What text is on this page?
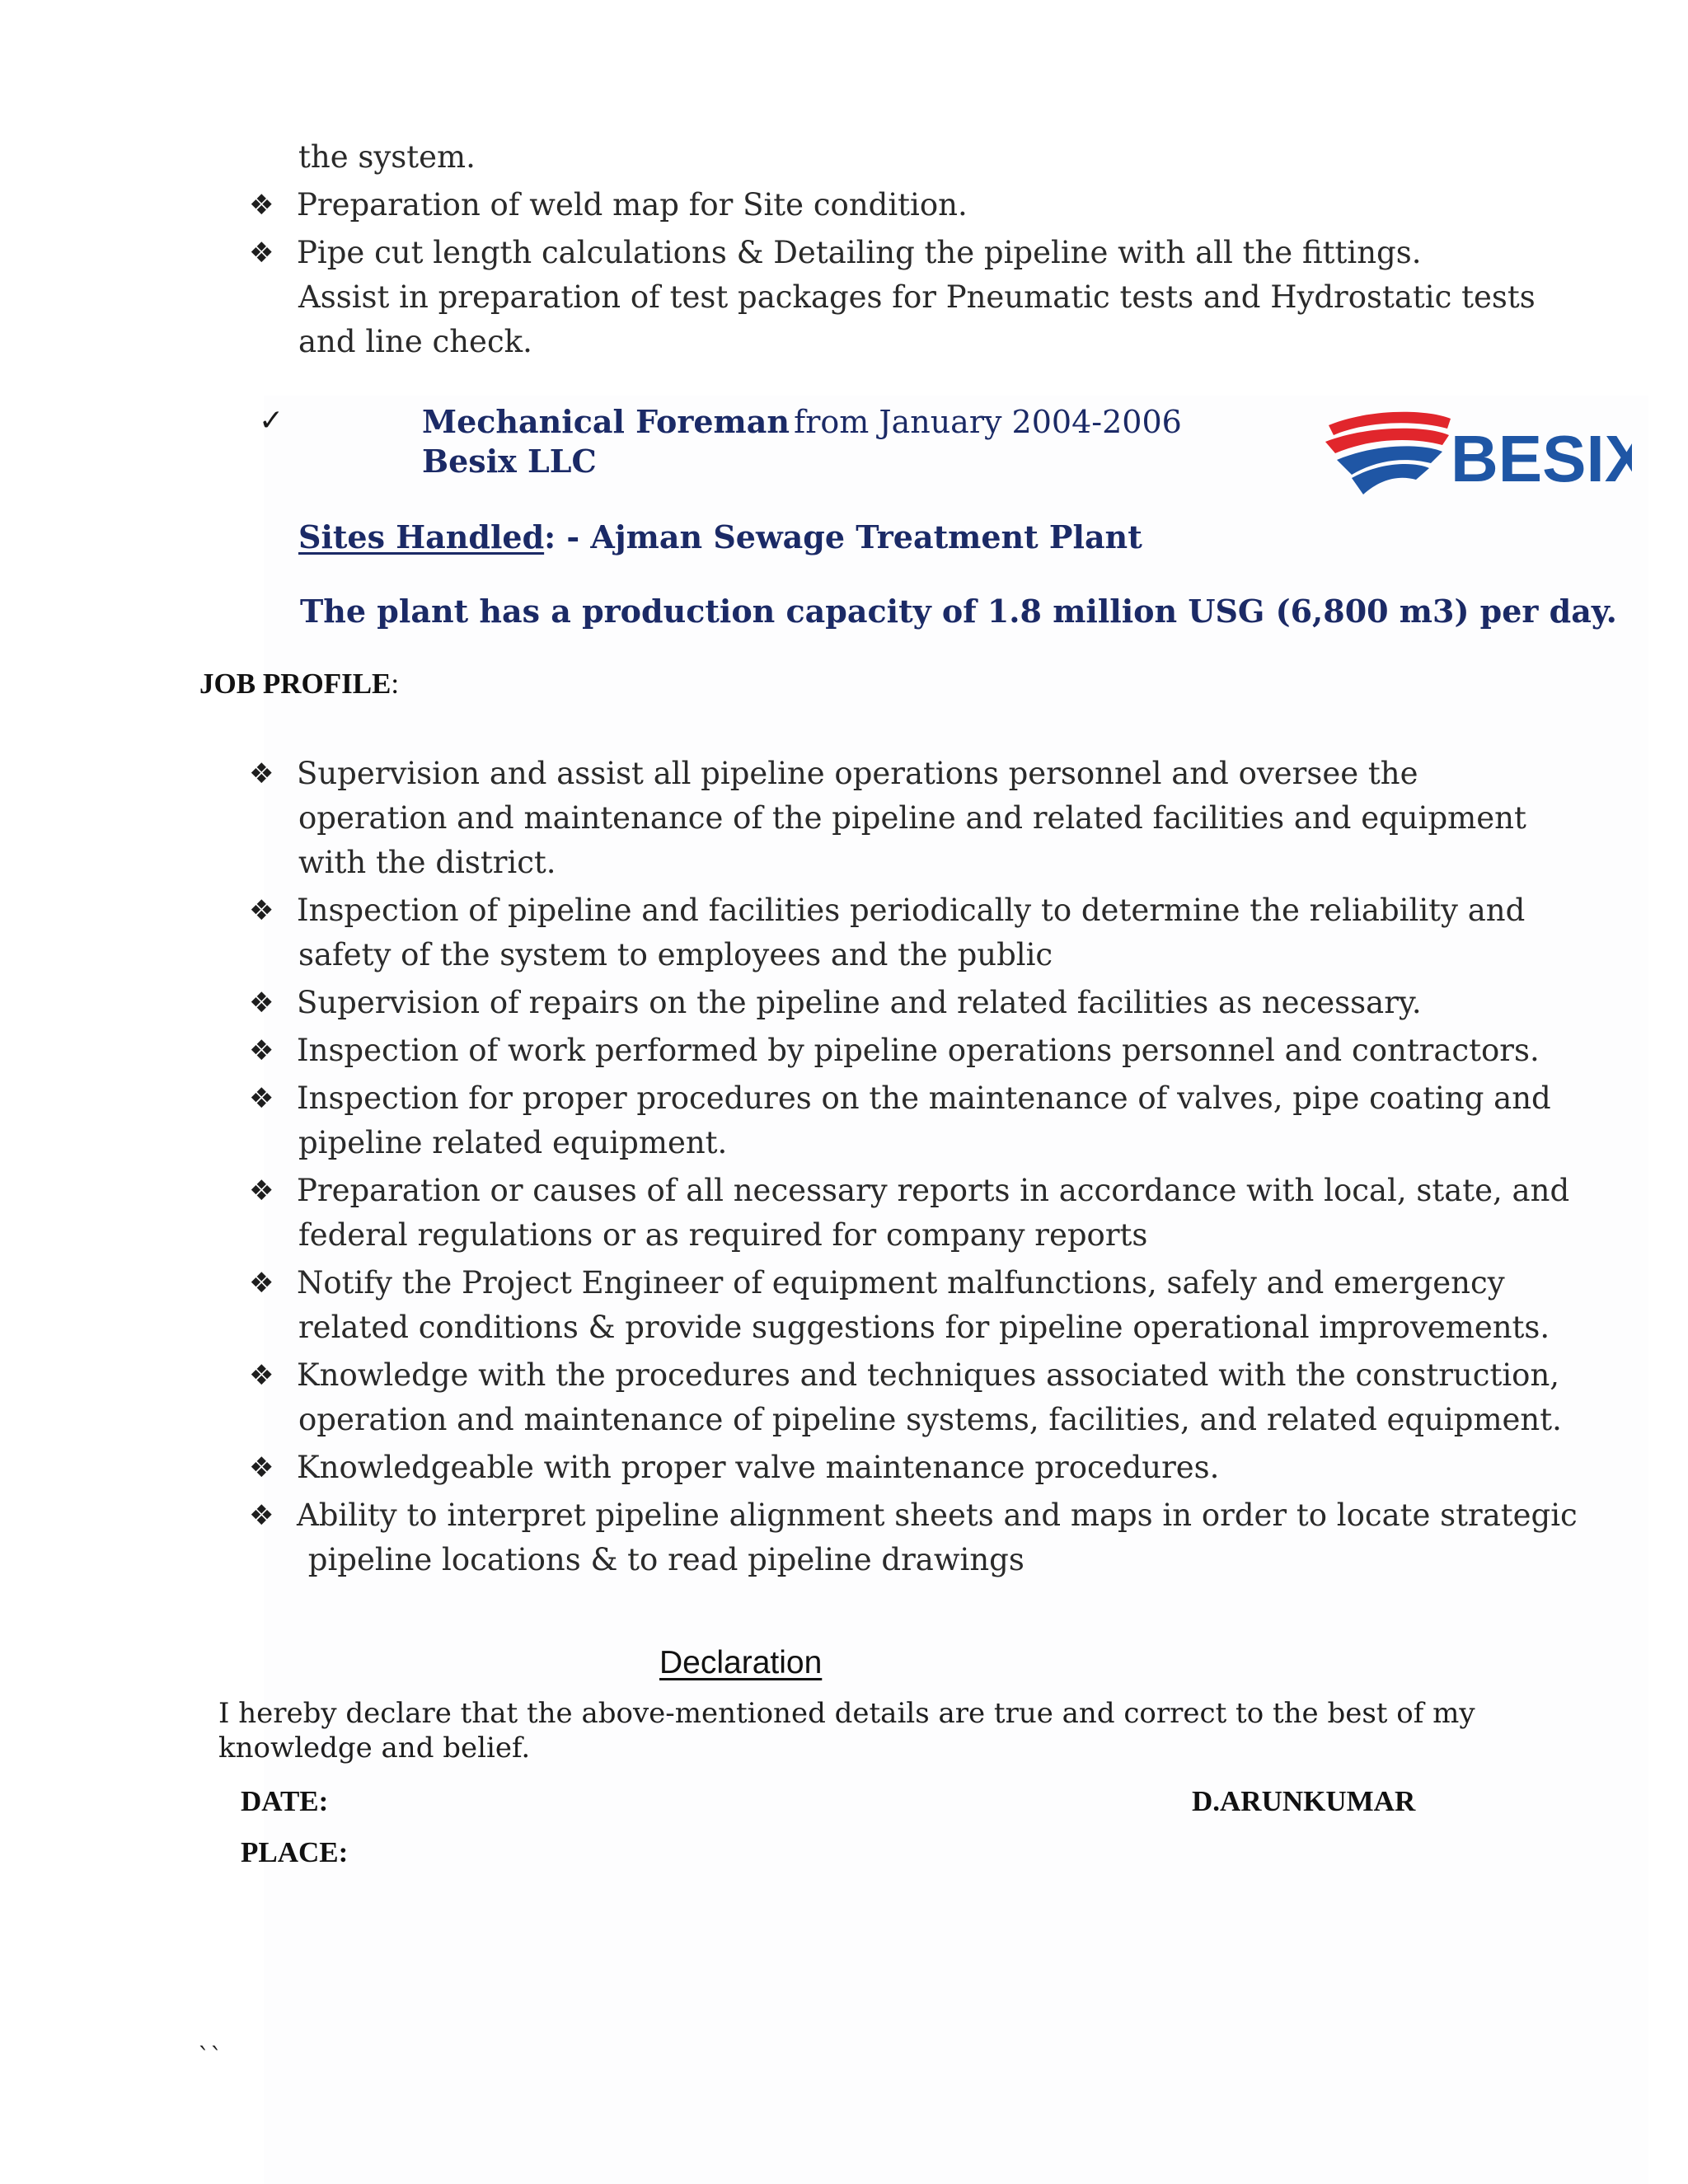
the system.
❖ Preparation of weld map for Site condition.
❖ Pipe cut length calculations & Detailing the pipeline with all the fittings.
Assist in preparation of test packages for Pneumatic tests and Hydrostatic tests
and line check.
✓	Mechanical Foreman from January 2004-2006
Besix LLC	BESIX
Sites Handled: - Ajman Sewage Treatment Plant
The plant has a production capacity of 1.8 million USG (6,800 m3) per day.
JOB PROFILE:
❖ Supervision and assist all pipeline operations personnel and oversee the
operation and maintenance of the pipeline and related facilities and equipment
with the district.
❖ Inspection of pipeline and facilities periodically to determine the reliability and
safety of the system to employees and the public
❖ Supervision of repairs on the pipeline and related facilities as necessary.
❖ Inspection of work performed by pipeline operations personnel and contractors.
❖ Inspection for proper procedures on the maintenance of valves, pipe coating and
pipeline related equipment.
❖ Preparation or causes of all necessary reports in accordance with local, state, and
federal regulations or as required for company reports
❖ Notify the Project Engineer of equipment malfunctions, safely and emergency
related conditions & provide suggestions for pipeline operational improvements.
❖ Knowledge with the procedures and techniques associated with the construction,
operation and maintenance of pipeline systems, facilities, and related equipment.
❖ Knowledgeable with proper valve maintenance procedures.
❖ Ability to interpret pipeline alignment sheets and maps in order to locate strategic
pipeline locations & to read pipeline drawings
Declaration
I hereby declare that the above-mentioned details are true and correct to the best of my
knowledge and belief.
DATE:	D.ARUNKUMAR
PLACE:
``
